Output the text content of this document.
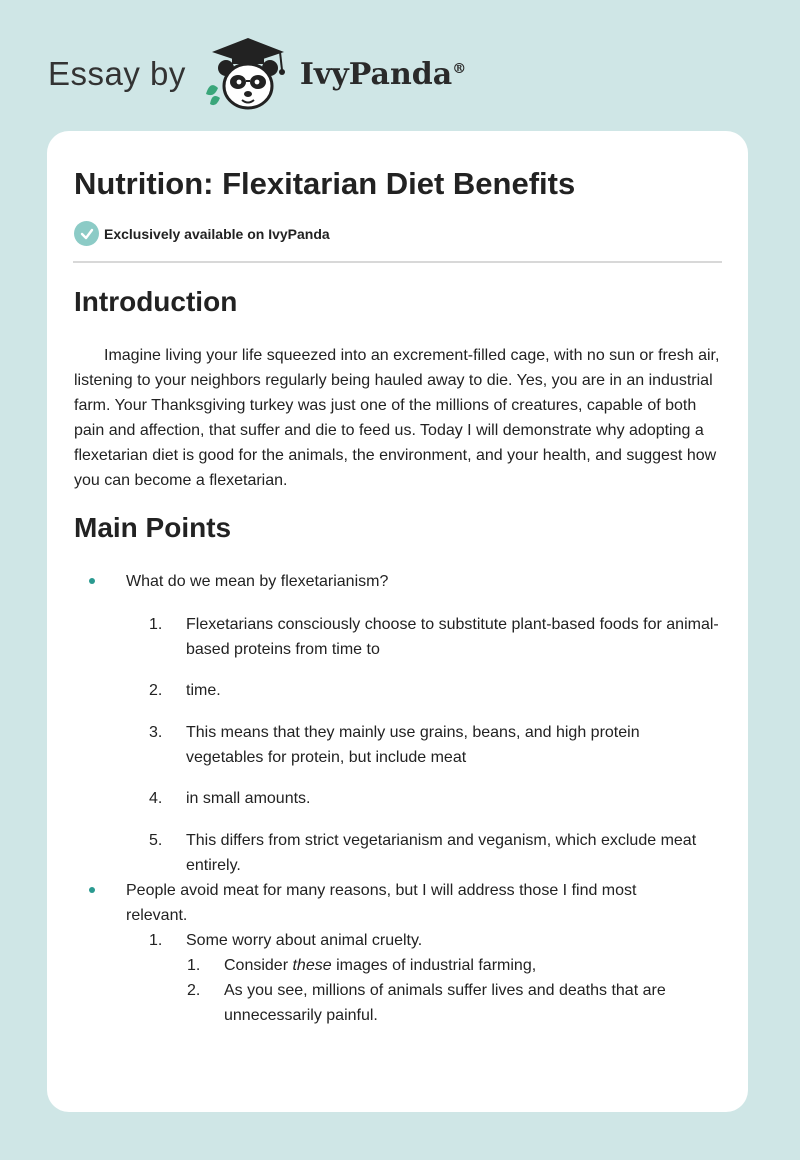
Essay by	IvyPanda®
Nutrition: Flexitarian Diet Benefits
Exclusively available on IvyPanda
Introduction

Imagine living your life squeezed into an excrement-filled cage, with no sun or fresh air, listening to your neighbors regularly being hauled away to die. Yes, you are in an industrial farm. Your Thanksgiving turkey was just one of the millions of creatures, capable of both pain and affection, that suffer and die to feed us. Today I will demonstrate why adopting a flexetarian diet is good for the animals, the environment, and your health, and suggest how you can become a flexetarian.

Main Points
What do we mean by flexetarianism?
1. Flexetarians consciously choose to substitute plant-based foods for animal-based proteins from time to
2. time.
3. This means that they mainly use grains, beans, and high protein vegetables for protein, but include meat
4. in small amounts.
5. This differs from strict vegetarianism and veganism, which exclude meat entirely.
People avoid meat for many reasons, but I will address those I find most relevant.
1. Some worry about animal cruelty.
1. Consider these images of industrial farming,
2. As you see, millions of animals suffer lives and deaths that are unnecessarily painful.
